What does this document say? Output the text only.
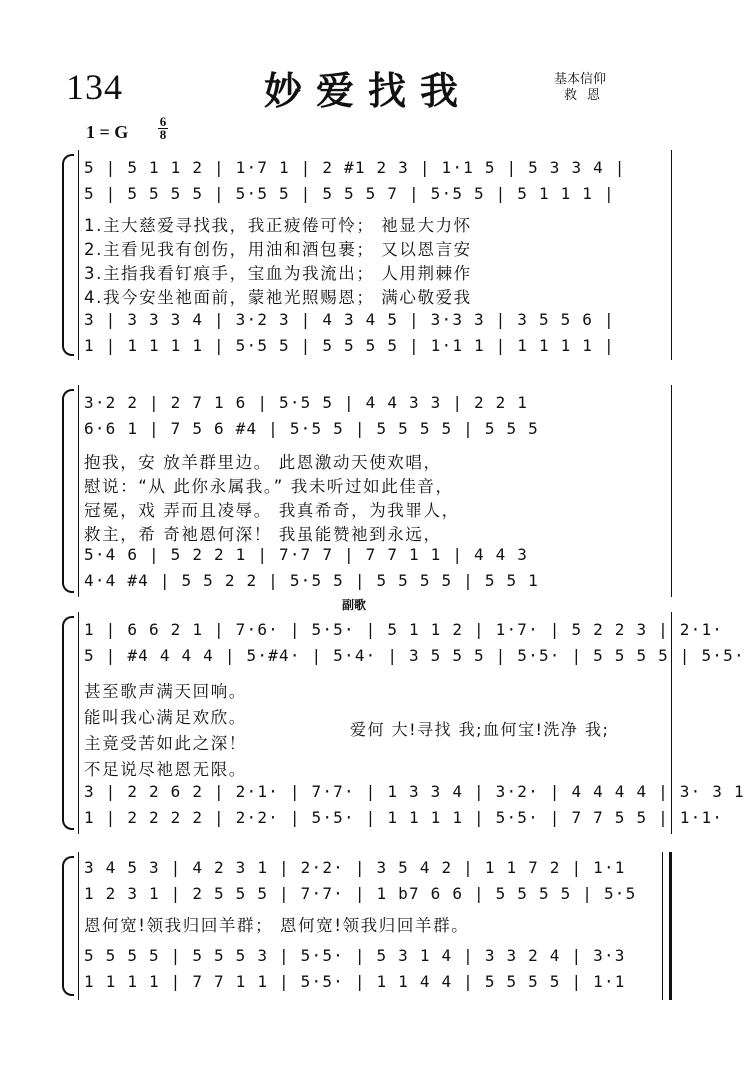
134	妙爱找我	基本信仰
救恩
1 = G
6
8
5 | 5 1 1 2 | 1·7 1 | 2 #1 2 3 | 1·1 5 | 5 3 3 4 |
5 | 5 5 5 5 | 5·5 5 | 5 5 5 7 | 5·5 5 | 5 1 1 1 |
1.主大慈爱寻找我，我正疲倦可怜； 祂显大力怀
2.主看见我有创伤，用油和酒包裹； 又以恩言安
3.主指我看钉痕手，宝血为我流出； 人用荆棘作
4.我今安坐祂面前，蒙祂光照赐恩； 满心敬爱我
3 | 3 3 3 4 | 3·2 3 | 4 3 4 5 | 3·3 3 | 3 5 5 6 |
1 | 1 1 1 1 | 5·5 5 | 5 5 5 5 | 1·1 1 | 1 1 1 1 |
3·2 2 | 2 7 1 6 | 5·5 5 | 4 4 3 3 | 2 2 1
6·6 1 | 7 5 6 #4 | 5·5 5 | 5 5 5 5 | 5 5 5
抱我，安 放羊群里边。 此恩激动天使欢唱，
慰说：“从 此你永属我。” 我未听过如此佳音，
冠冕，戏 弄而且凌辱。 我真希奇，为我罪人，
救主，希 奇祂恩何深！ 我虽能赞祂到永远，
5·4 6 | 5 2 2 1 | 7·7 7 | 7 7 1 1 | 4 4 3
4·4 #4 | 5 5 2 2 | 5·5 5 | 5 5 5 5 | 5 5 1
副歌
1 | 6 6 2 1 | 7·6· | 5·5· | 5 1 1 2 | 1·7· | 5 2 2 3 | 2·1·
5 | #4 4 4 4 | 5·#4· | 5·4· | 3 5 5 5 | 5·5· | 5 5 5 5 | 5·5·
甚至歌声满天回响。
能叫我心满足欢欣。
主竟受苦如此之深！
不足说尽祂恩无限。
3 | 2 2 6 2 | 2·1· | 7·7· | 1 3 3 4 | 3·2· | 4 4 4 4 | 3· 3 1
1 | 2 2 2 2 | 2·2· | 5·5· | 1 1 1 1 | 5·5· | 7 7 5 5 | 1·1·
爱何 大!寻找 我;血何宝!洗净 我;
3 4 5 3 | 4 2 3 1 | 2·2· | 3 5 4 2 | 1 1 7 2 | 1·1
1 2 3 1 | 2 5 5 5 | 7·7· | 1 b7 6 6 | 5 5 5 5 | 5·5
恩何宽!领我归回羊群； 恩何宽!领我归回羊群。
5 5 5 5 | 5 5 5 3 | 5·5· | 5 3 1 4 | 3 3 2 4 | 3·3
1 1 1 1 | 7 7 1 1 | 5·5· | 1 1 4 4 | 5 5 5 5 | 1·1
